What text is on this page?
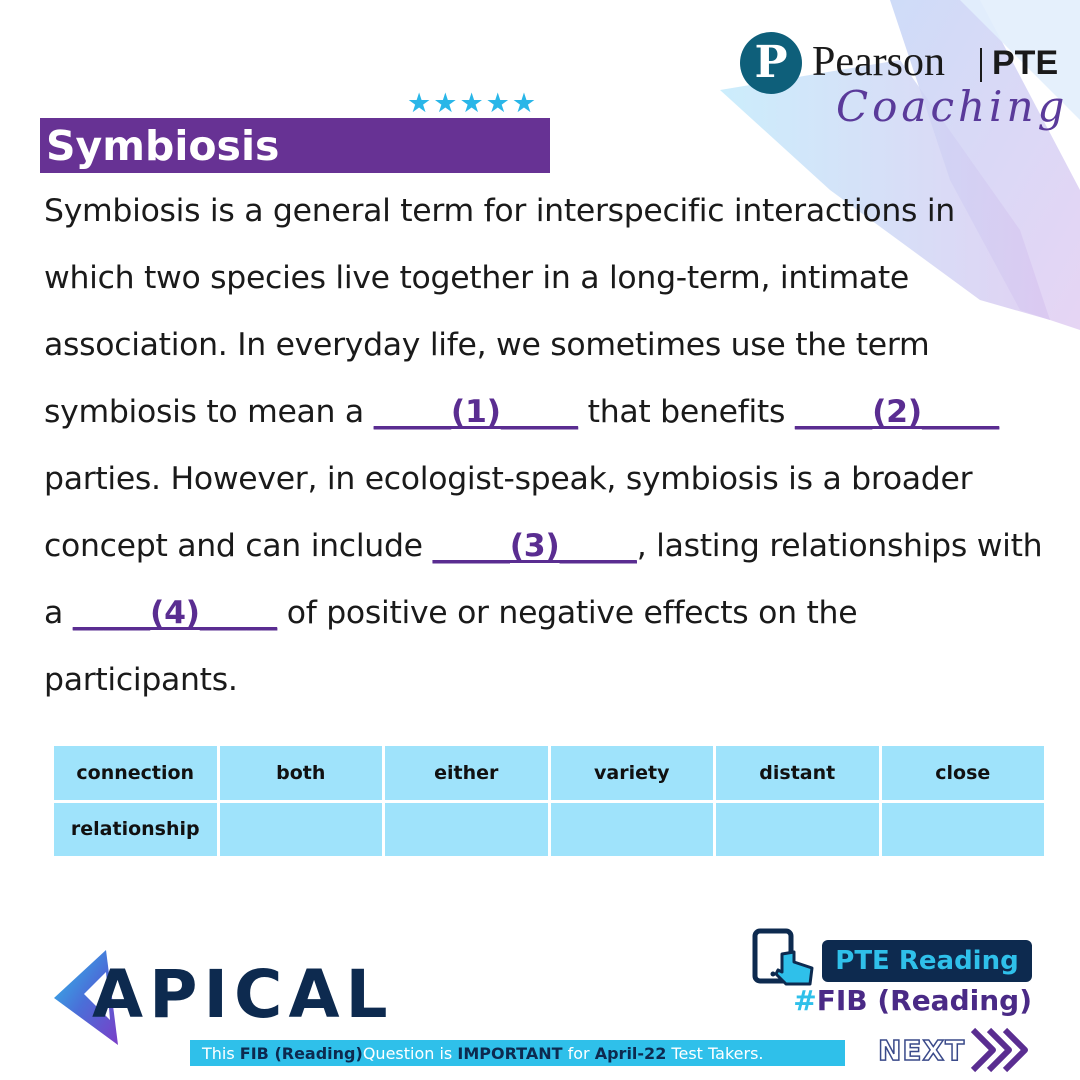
P Pearson PTE
Coaching
★ ★ ★ ★ ★
Symbiosis

Symbiosis is a general term for interspecific interactions in which two species live together in a long-term, intimate association. In everyday life, we sometimes use the term symbiosis to mean a _____(1)_____ that benefits _____(2)_____ parties. However, in ecologist-speak, symbiosis is a broader concept and can include _____(3)_____, lasting relationships with a _____(4)_____ of positive or negative effects on the participants.

connection	both	either	variety	distant	close
relationship
APICAL	PTE Reading
#FIB (Reading)
This
FIB (Reading) Question is
IMPORTANT
for
April-22
Test Takers.	NEXT
